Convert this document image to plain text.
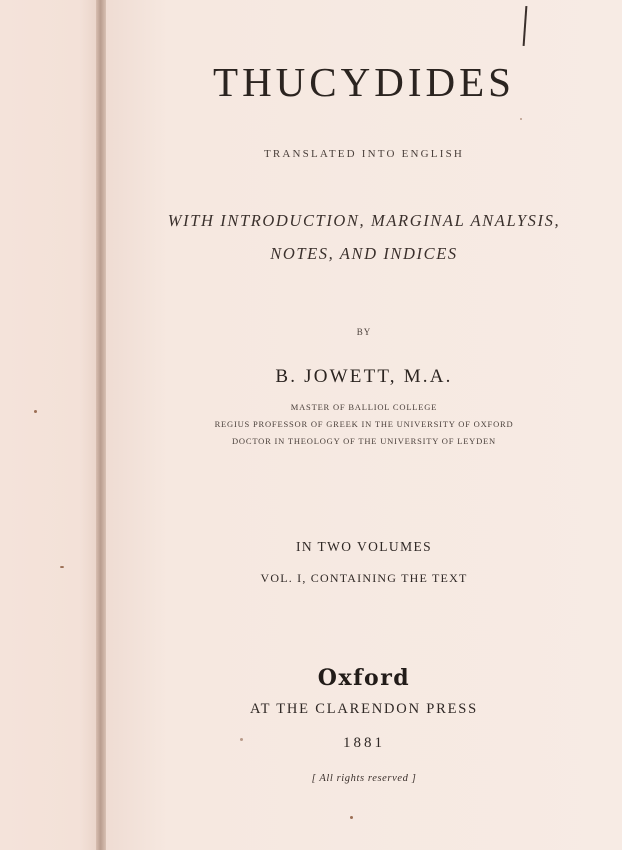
THUCYDIDES
TRANSLATED INTO ENGLISH
WITH INTRODUCTION, MARGINAL ANALYSIS,
NOTES, AND INDICES
BY
B. JOWETT, M.A.
MASTER OF BALLIOL COLLEGE
REGIUS PROFESSOR OF GREEK IN THE UNIVERSITY OF OXFORD
DOCTOR IN THEOLOGY OF THE UNIVERSITY OF LEYDEN
IN TWO VOLUMES
VOL. I, CONTAINING THE TEXT
Oxford
AT THE CLARENDON PRESS
1881
[ All rights reserved ]
